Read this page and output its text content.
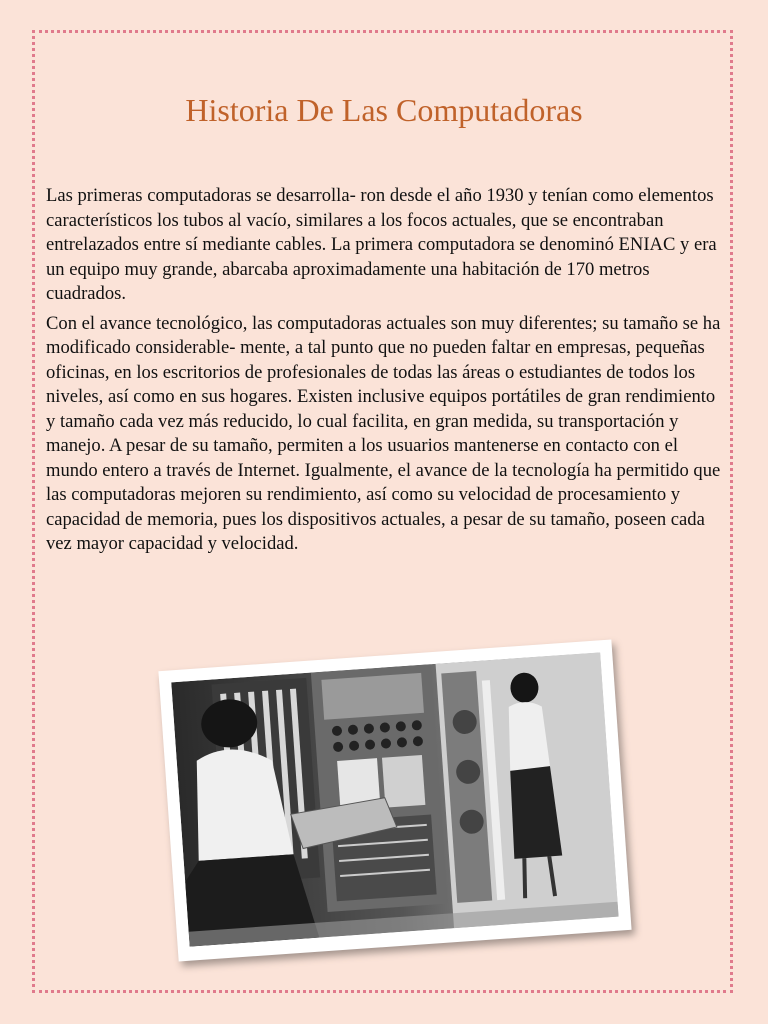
Historia De Las Computadoras

Las primeras computadoras se desarrolla- ron desde el año 1930 y tenían como elementos característicos los tubos al vacío, similares a los focos actuales, que se encontraban entrelazados entre sí mediante cables. La primera computadora se denominó ENIAC y era un equipo muy grande, abarcaba aproximadamente una habitación de 170 metros cuadrados.

Con el avance tecnológico, las computadoras actuales son muy diferentes; su tamaño se ha modificado considerable- mente, a tal punto que no pueden faltar en empresas, pequeñas oficinas, en los escritorios de profesionales de todas las áreas o estudiantes de todos los niveles, así como en sus hogares. Existen inclusive equipos portátiles de gran rendimiento y tamaño cada vez más reducido, lo cual facilita, en gran medida, su transportación y manejo. A pesar de su tamaño, permiten a los usuarios mantenerse en contacto con el mundo entero a través de Internet. Igualmente, el avance de la tecnología ha permitido que las computadoras mejoren su rendimiento, así como su velocidad de procesamiento y capacidad de memoria, pues los dispositivos actuales, a pesar de su tamaño, poseen cada vez mayor capacidad y velocidad.
